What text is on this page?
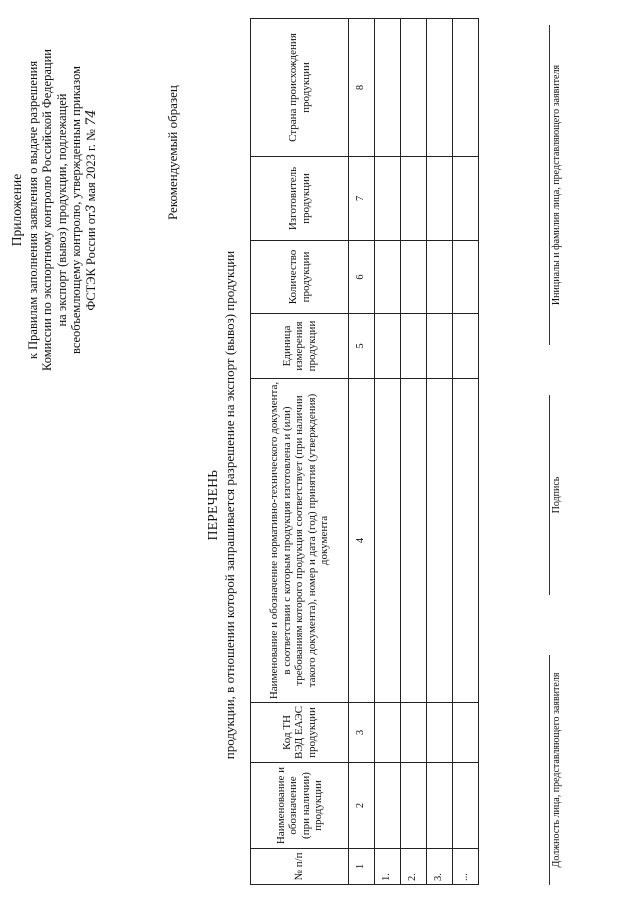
Приложение к Правилам заполнения заявления о выдаче разрешения Комиссии по экспортному контролю Российской Федерации на экспорт (вывоз) продукции, подлежащей всеобъемлющему контролю, утвержденным приказом ФСТЭК России от3 мая 2023 г. № 74	Рекомендуемый образец
ПЕРЕЧЕНЬ продукции, в отношении которой запрашивается разрешение на экспорт (вывоз) продукции
№ п/п	Наименование и обозначение (при наличии) продукции	Код ТН ВЭД ЕАЭС продукции	Наименование и обозначение нормативно-технического документа, в соответствии с которым продукция изготовлена и (или) требованиям которого продукция соответствует (при наличии такого документа), номер и дата (год) принятия (утверждения) документа	Единица измерения продукции	Количество продукции	Изготовитель продукции	Страна происхождения продукции
1	2	3	4	5	6	7	8
1.							
2.							
3.							
...							
Должность лица, представляющего заявителя
Подпись
Инициалы и фамилия лица, представляющего заявителя
